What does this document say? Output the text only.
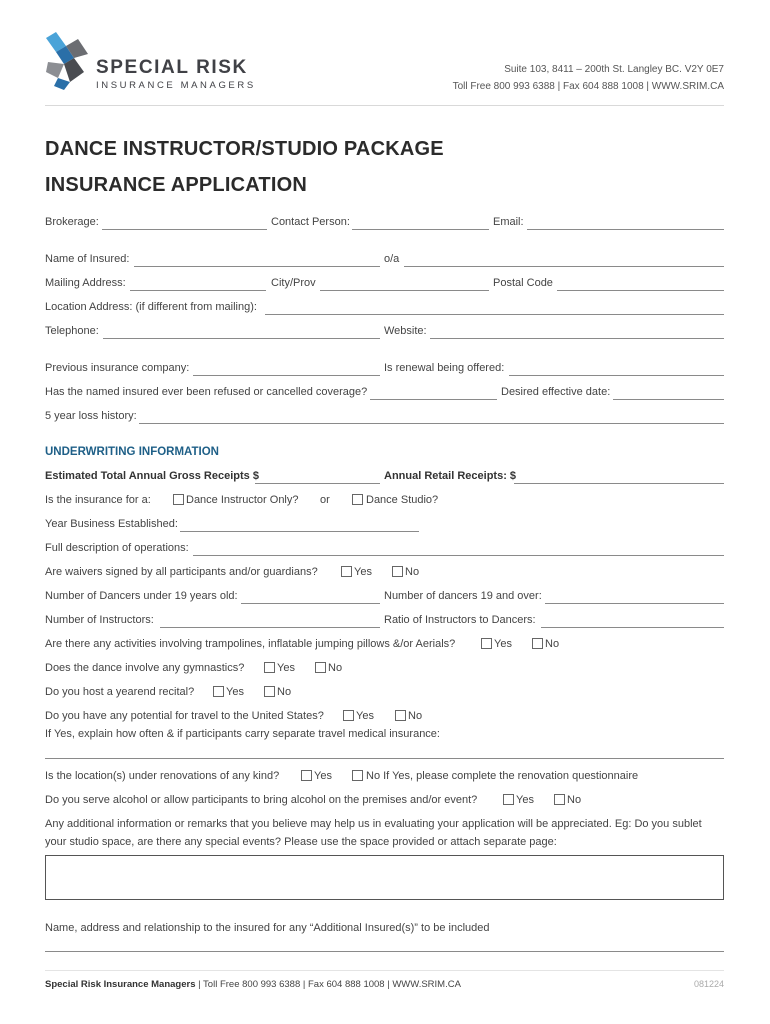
SPECIAL RISK
INSURANCE MANAGERS
Suite 103, 8411 – 200th St. Langley BC. V2Y 0E7
Toll Free 800 993 6388 | Fax 604 888 1008 | WWW.SRIM.CA
DANCE INSTRUCTOR/STUDIO PACKAGE
INSURANCE APPLICATION
Brokerage:	Contact Person:	Email:
Name of Insured:	o/a
Mailing Address:	City/Prov	Postal Code
Location Address: (if different from mailing):
Telephone:	Website:
Previous insurance company:	Is renewal being offered:
Has the named insured ever been refused or cancelled coverage?	Desired effective date:
5 year loss history:
UNDERWRITING INFORMATION
Estimated Total Annual Gross Receipts $	Annual Retail Receipts: $
Is the insurance for a:	Dance Instructor Only? or	Dance Studio?
Year Business Established:
Full description of operations:
Are waivers signed by all participants and/or guardians?	Yes	No
Number of Dancers under 19 years old:	Number of dancers 19 and over:
Number of Instructors:	Ratio of Instructors to Dancers:
Are there any activities involving trampolines, inflatable jumping pillows &/or Aerials?	Yes	No
Does the dance involve any gymnastics?	Yes	No
Do you host a yearend recital?	Yes	No
Do you have any potential for travel to the United States?	Yes	No
If Yes, explain how often & if participants carry separate travel medical insurance:
Is the location(s) under renovations of any kind?	Yes	No If Yes, please complete the renovation questionnaire
Do you serve alcohol or allow participants to bring alcohol on the premises and/or event?	Yes	No
Any additional information or remarks that you believe may help us in evaluating your application will be appreciated. Eg: Do you sublet
your studio space, are there any special events? Please use the space provided or attach separate page:
Name, address and relationship to the insured for any “Additional Insured(s)” to be included
Special Risk Insurance Managers | Toll Free 800 993 6388 | Fax 604 888 1008 | WWW.SRIM.CA	081224
